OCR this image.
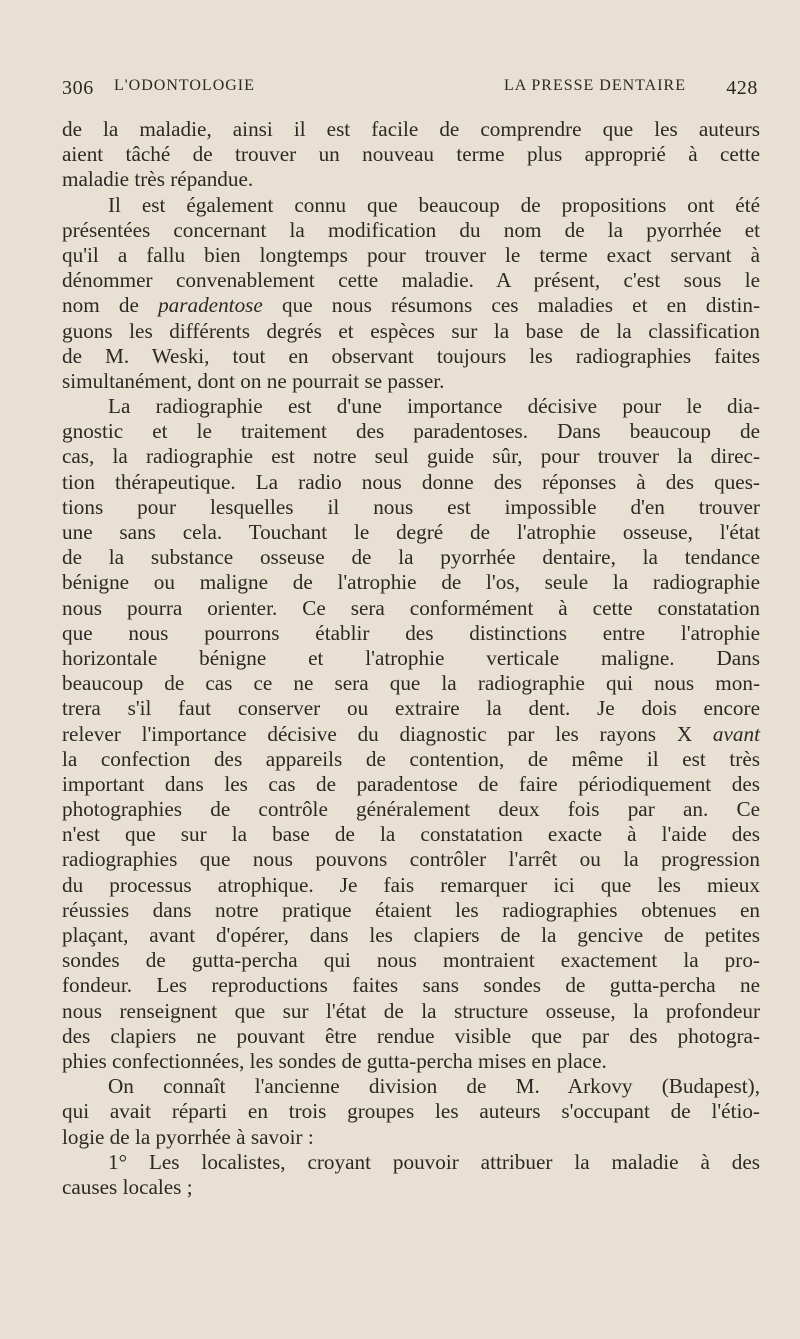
306 L'ODONTOLOGIE	LA PRESSE DENTAIRE 428
de la maladie, ainsi il est facile de comprendre que les auteurs
aient tâché de trouver un nouveau terme plus approprié à cette
maladie très répandue.
Il est également connu que beaucoup de propositions ont été
présentées concernant la modification du nom de la pyorrhée et
qu'il a fallu bien longtemps pour trouver le terme exact servant à
dénommer convenablement cette maladie. A présent, c'est sous le
nom de paradentose que nous résumons ces maladies et en distin-
guons les différents degrés et espèces sur la base de la classification
de M. Weski, tout en observant toujours les radiographies faites
simultanément, dont on ne pourrait se passer.
La radiographie est d'une importance décisive pour le dia-
gnostic et le traitement des paradentoses. Dans beaucoup de
cas, la radiographie est notre seul guide sûr, pour trouver la direc-
tion thérapeutique. La radio nous donne des réponses à des ques-
tions pour lesquelles il nous est impossible d'en trouver
une sans cela. Touchant le degré de l'atrophie osseuse, l'état
de la substance osseuse de la pyorrhée dentaire, la tendance
bénigne ou maligne de l'atrophie de l'os, seule la radiographie
nous pourra orienter. Ce sera conformément à cette constatation
que nous pourrons établir des distinctions entre l'atrophie
horizontale bénigne et l'atrophie verticale maligne. Dans
beaucoup de cas ce ne sera que la radiographie qui nous mon-
trera s'il faut conserver ou extraire la dent. Je dois encore
relever l'importance décisive du diagnostic par les rayons X avant
la confection des appareils de contention, de même il est très
important dans les cas de paradentose de faire périodiquement des
photographies de contrôle généralement deux fois par an. Ce
n'est que sur la base de la constatation exacte à l'aide des
radiographies que nous pouvons contrôler l'arrêt ou la progression
du processus atrophique. Je fais remarquer ici que les mieux
réussies dans notre pratique étaient les radiographies obtenues en
plaçant, avant d'opérer, dans les clapiers de la gencive de petites
sondes de gutta-percha qui nous montraient exactement la pro-
fondeur. Les reproductions faites sans sondes de gutta-percha ne
nous renseignent que sur l'état de la structure osseuse, la profondeur
des clapiers ne pouvant être rendue visible que par des photogra-
phies confectionnées, les sondes de gutta-percha mises en place.
On connaît l'ancienne division de M. Arkovy (Budapest),
qui avait réparti en trois groupes les auteurs s'occupant de l'étio-
logie de la pyorrhée à savoir :
1° Les localistes, croyant pouvoir attribuer la maladie à des
causes locales ;
